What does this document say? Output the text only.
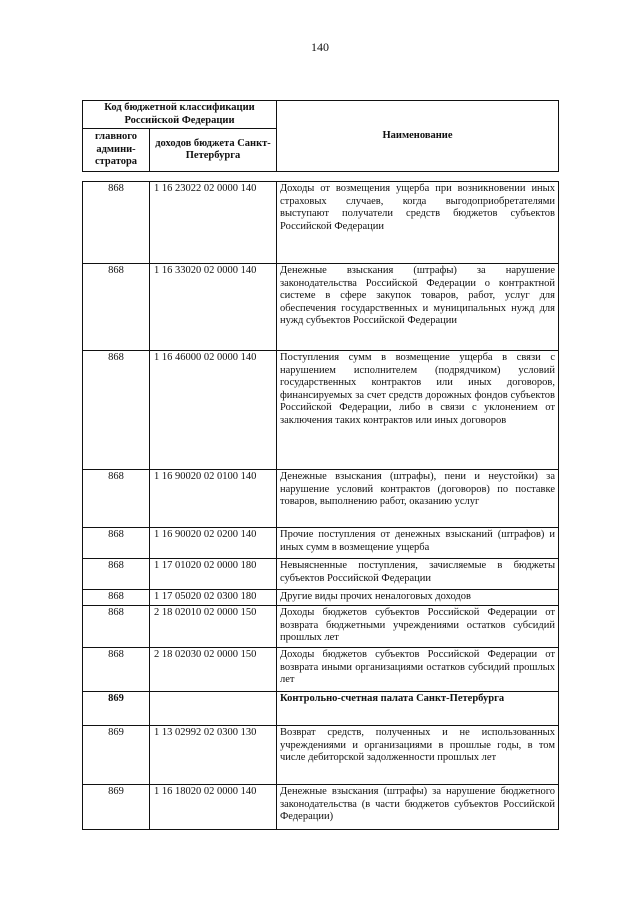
140
Код бюджетной классификации Российской Федерации		Наименование
главного админи-стратора	доходов бюджета Санкт-Петербурга	
868	1 16 23022 02 0000 140	Доходы от возмещения ущерба при возникновении иных страховых случаев, когда выгодоприобретателями выступают получатели средств бюджетов субъектов Российской Федерации
868	1 16 33020 02 0000 140	Денежные взыскания (штрафы) за нарушение законодательства Российской Федерации о контрактной системе в сфере закупок товаров, работ, услуг для обеспечения государственных и муниципальных нужд для нужд субъектов Российской Федерации
868	1 16 46000 02 0000 140	Поступления сумм в возмещение ущерба в связи с нарушением исполнителем (подрядчиком) условий государственных контрактов или иных договоров, финансируемых за счет средств дорожных фондов субъектов Российской Федерации, либо в связи с уклонением от заключения таких контрактов или иных договоров
868	1 16 90020 02 0100 140	Денежные взыскания (штрафы), пени и неустойки) за нарушение условий контрактов (договоров) по поставке товаров, выполнению работ, оказанию услуг
868	1 16 90020 02 0200 140	Прочие поступления от денежных взысканий (штрафов) и иных сумм в возмещение ущерба
868	1 17 01020 02 0000 180	Невыясненные поступления, зачисляемые в бюджеты субъектов Российской Федерации
868	1 17 05020 02 0300 180	Другие виды прочих неналоговых доходов
868	2 18 02010 02 0000 150	Доходы бюджетов субъектов Российской Федерации от возврата бюджетными учреждениями остатков субсидий прошлых лет
868	2 18 02030 02 0000 150	Доходы бюджетов субъектов Российской Федерации от возврата иными организациями остатков субсидий прошлых лет
869		Контрольно-счетная палата Санкт-Петербурга
869	1 13 02992 02 0300 130	Возврат средств, полученных и не использованных учреждениями и организациями в прошлые годы, в том числе дебиторской задолженности прошлых лет
869	1 16 18020 02 0000 140	Денежные взыскания (штрафы) за нарушение бюджетного законодательства (в части бюджетов субъектов Российской Федерации)
